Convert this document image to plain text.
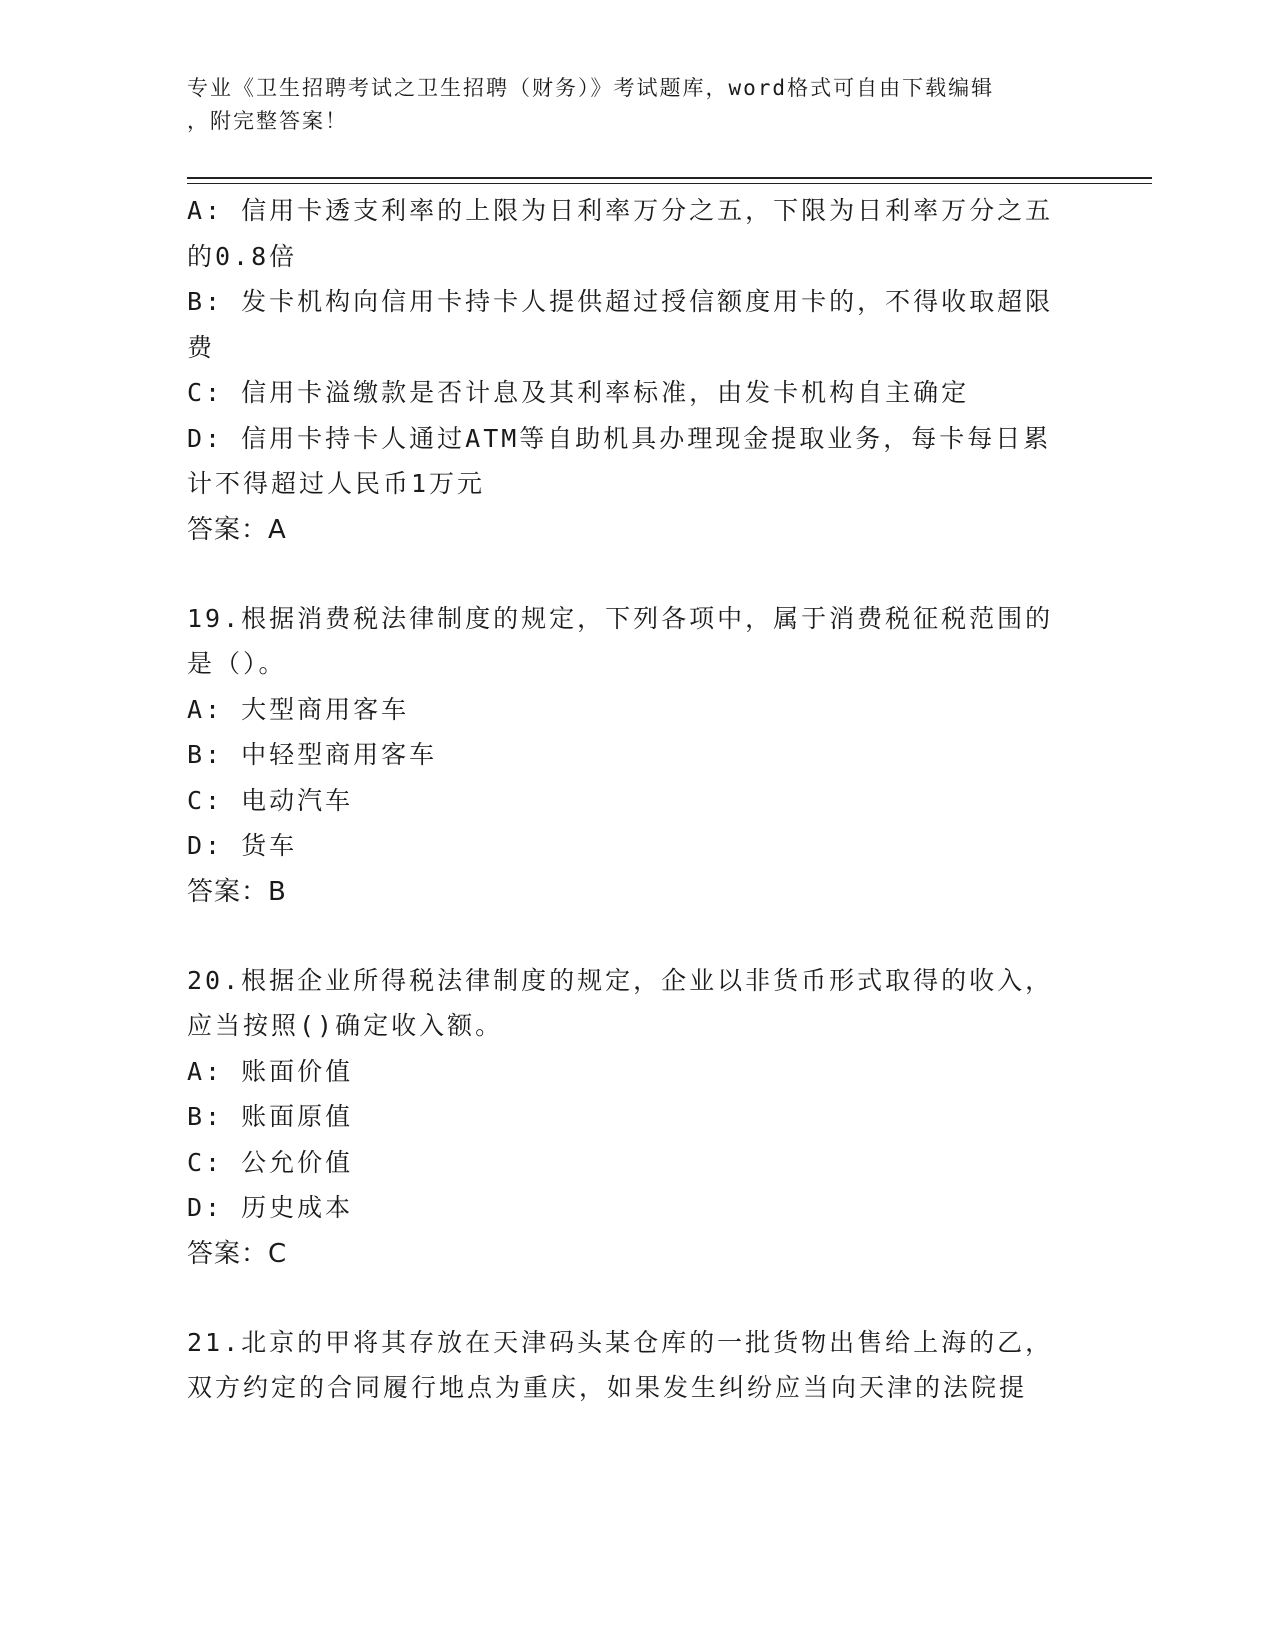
专业《卫生招聘考试之卫生招聘（财务）》考试题库，word格式可自由下载编辑
，附完整答案！

A: 信用卡透支利率的上限为日利率万分之五，下限为日利率万分之五

的0.8倍

B: 发卡机构向信用卡持卡人提供超过授信额度用卡的，不得收取超限

费

C: 信用卡溢缴款是否计息及其利率标准，由发卡机构自主确定

D: 信用卡持卡人通过ATM等自助机具办理现金提取业务，每卡每日累

计不得超过人民币1万元

答案：A

19.根据消费税法律制度的规定，下列各项中，属于消费税征税范围的

是（）。

A: 大型商用客车

B: 中轻型商用客车

C: 电动汽车

D: 货车

答案：B

20.根据企业所得税法律制度的规定，企业以非货币形式取得的收入，

应当按照()确定收入额。

A: 账面价值

B: 账面原值

C: 公允价值

D: 历史成本

答案：C

21.北京的甲将其存放在天津码头某仓库的一批货物出售给上海的乙，

双方约定的合同履行地点为重庆，如果发生纠纷应当向天津的法院提
